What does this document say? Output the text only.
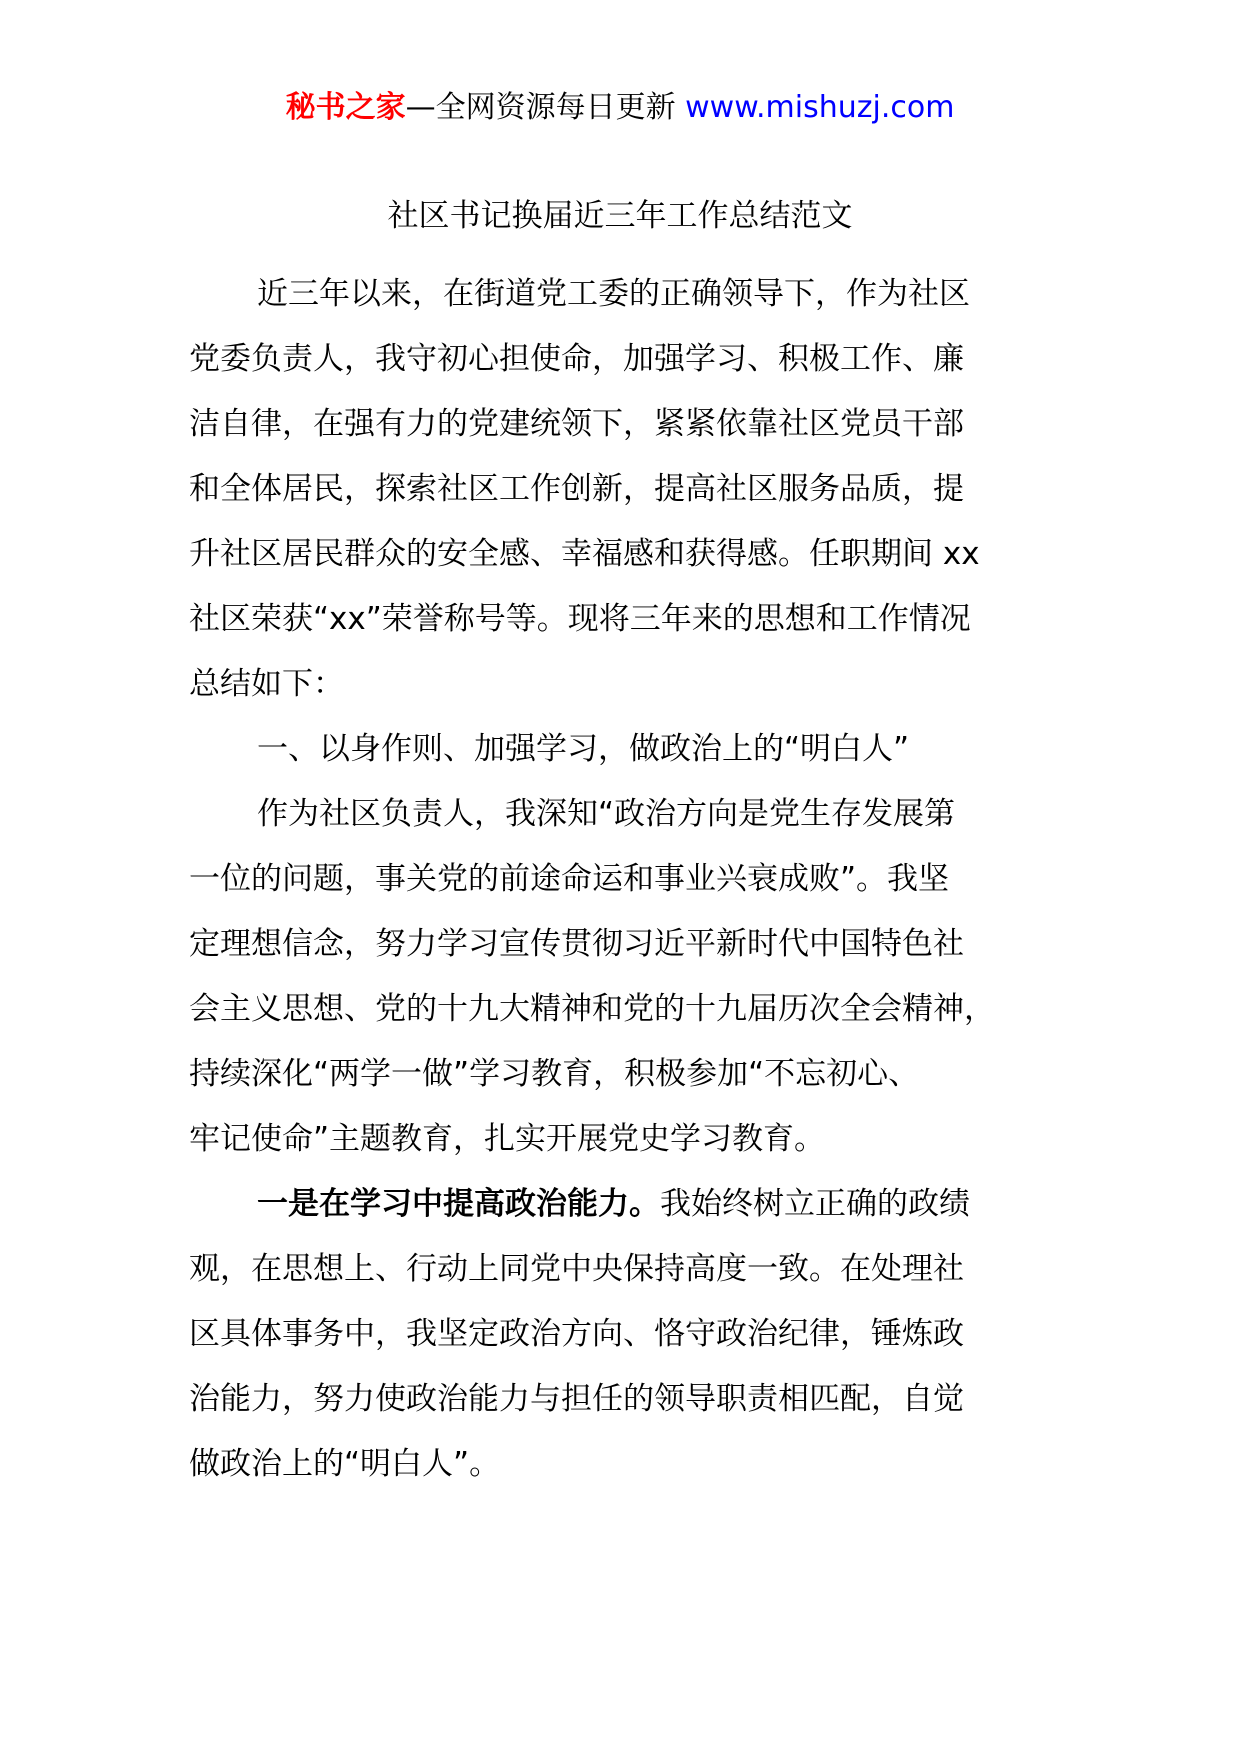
秘书之家—全网资源每日更新 www.mishuzj.com
社区书记换届近三年工作总结范文
近三年以来，在街道党工委的正确领导下，作为社区
党委负责人，我守初心担使命，加强学习、积极工作、廉
洁自律，在强有力的党建统领下，紧紧依靠社区党员干部
和全体居民，探索社区工作创新，提高社区服务品质，提
升社区居民群众的安全感、幸福感和获得感。任职期间 xx
社区荣获“xx”荣誉称号等。现将三年来的思想和工作情况
总结如下：
一、以身作则、加强学习，做政治上的“明白人”
作为社区负责人，我深知“政治方向是党生存发展第
一位的问题，事关党的前途命运和事业兴衰成败”。我坚
定理想信念，努力学习宣传贯彻习近平新时代中国特色社
会主义思想、党的十九大精神和党的十九届历次全会精神，
持续深化“两学一做”学习教育，积极参加“不忘初心、
牢记使命”主题教育，扎实开展党史学习教育。
一是在学习中提高政治能力。我始终树立正确的政绩
观，在思想上、行动上同党中央保持高度一致。在处理社
区具体事务中，我坚定政治方向、恪守政治纪律，锤炼政
治能力，努力使政治能力与担任的领导职责相匹配，自觉
做政治上的“明白人”。
